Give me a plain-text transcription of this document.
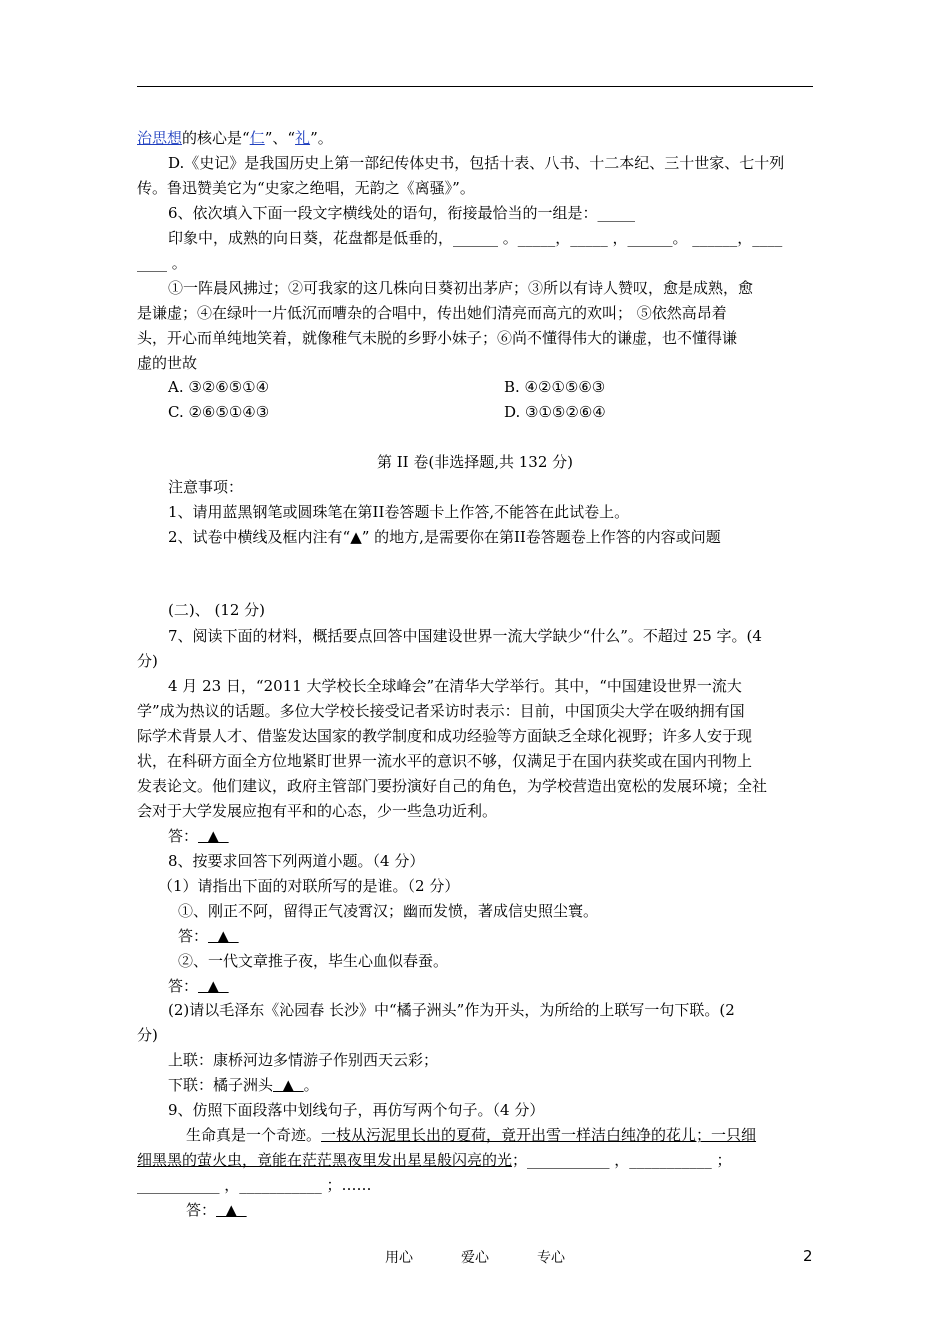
治思想的核心是“仁”、“礼”。
D.《史记》是我国历史上第一部纪传体史书，包括十表、八书、十二本纪、三十世家、七十列
传。鲁迅赞美它为“史家之绝唱，无韵之《离骚》”。
6、依次填入下面一段文字横线处的语句，衔接最恰当的一组是：_____
印象中，成熟的向日葵，花盘都是低垂的，______ 。_____，_____ ，______。 ______，____
____ 。
①一阵晨风拂过；②可我家的这几株向日葵初出茅庐；③所以有诗人赞叹，愈是成熟，愈
是谦虚；④在绿叶一片低沉而嘈杂的合唱中，传出她们清亮而高亢的欢叫； ⑤依然高昂着
头，开心而单纯地笑着，就像稚气未脱的乡野小妹子；⑥尚不懂得伟大的谦虚，也不懂得谦
虚的世故
A. ③②⑥⑤①④	B. ④②①⑤⑥③
C. ②⑥⑤①④③	D. ③①⑤②⑥④
第 II 卷(非选择题,共 132 分)
注意事项：
1、请用蓝黑钢笔或圆珠笔在第II卷答题卡上作答,不能答在此试卷上。
2、试卷中横线及框内注有“▲” 的地方,是需要你在第II卷答题卷上作答的内容或问题
(二)、 (12 分)
7、阅读下面的材料，概括要点回答中国建设世界一流大学缺少“什么”。不超过 25 字。(4
分)
4 月 23 日，“2011 大学校长全球峰会”在清华大学举行。其中，“中国建设世界一流大
学”成为热议的话题。多位大学校长接受记者采访时表示：目前，中国顶尖大学在吸纳拥有国
际学术背景人才、借鉴发达国家的教学制度和成功经验等方面缺乏全球化视野；许多人安于现
状，在科研方面全方位地紧盯世界一流水平的意识不够，仅满足于在国内获奖或在国内刊物上
发表论文。他们建议，政府主管部门要扮演好自己的角色，为学校营造出宽松的发展环境；全社
会对于大学发展应抱有平和的心态，少一些急功近利。
答：  ▲
8、按要求回答下列两道小题。（4 分）
（1）请指出下面的对联所写的是谁。（2 分）
①、刚正不阿，留得正气凌霄汉；幽而发愤，著成信史照尘寰。
答：  ▲
②、一代文章推子夜，毕生心血似春蚕。
答：  ▲
(2)请以毛泽东《沁园春 长沙》中“橘子洲头”作为开头，为所给的上联写一句下联。(2
分)
上联：康桥河边多情游子作别西天云彩；
下联：橘子洲头  ▲  。
9、仿照下面段落中划线句子，再仿写两个句子。（4 分）
生命真是一个奇迹。一枝从污泥里长出的夏荷，竟开出雪一样洁白纯净的花儿；一只细
细黑黑的萤火虫，竟能在茫茫黑夜里发出星星般闪亮的光；___________ ，___________ ；
___________ ，___________ ；……
答：  ▲
用心	爱心	专心	2
